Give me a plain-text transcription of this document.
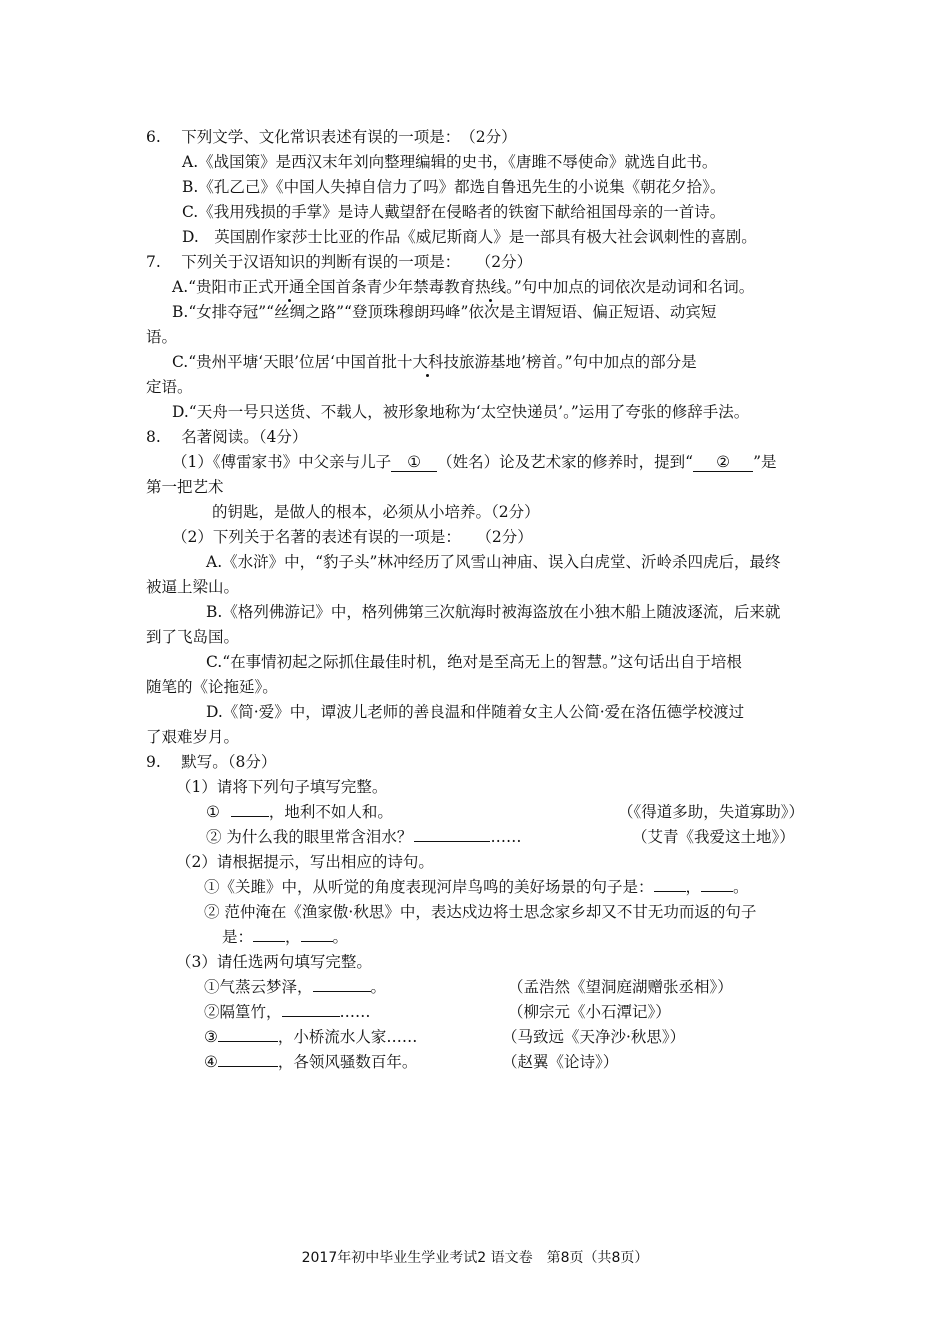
6.　 下列文学、文化常识表述有误的一项是：　（2分）
A.《战国策》是西汉末年刘向整理编辑的史书，《唐雎不辱使命》就选自此书。
B.《孔乙己》《中国人失掉自信力了吗》都选自鲁迅先生的小说集《朝花夕拾》。
C.《我用残损的手掌》是诗人戴望舒在侵略者的铁窗下献给祖国母亲的一首诗。
D.　英国剧作家莎士比亚的作品《威尼斯商人》是一部具有极大社会讽刺性的喜剧。
7.　 下列关于汉语知识的判断有误的一项是：　　（2分）
A.“贵阳市正式开通全国首条青少年禁毒教育热线。”句中加点的词依次是动词和名词。
B.“女排夺冠”“丝绸之路”“登顶珠穆朗玛峰”依次是主谓短语、偏正短语、动宾短
语。
C.“贵州平塘‘天眼’位居‘中国首批十大科技旅游基地’榜首。”句中加点的部分是
定语。
D.“天舟一号只送货、不载人，被形象地称为‘太空快递员’。”运用了夸张的修辞手法。
8.　 名著阅读。（4分）
（1）《傅雷家书》中父亲与儿子 ① （姓名）论及艺术家的修养时，提到“ ② ”是
第一把艺术
的钥匙，是做人的根本，必须从小培养。（2分）
（2）下列关于名著的表述有误的一项是：　　（2分）
A.《水浒》中，“豹子头”林冲经历了风雪山神庙、误入白虎堂、沂岭杀四虎后，最终
被逼上梁山。
B.《格列佛游记》中，格列佛第三次航海时被海盗放在小独木船上随波逐流，后来就
到了飞岛国。
C.“在事情初起之际抓住最佳时机，绝对是至高无上的智慧。”这句话出自于培根
随笔的《论拖延》。
D.《简·爱》中，谭波儿老师的善良温和伴随着女主人公简·爱在洛伍德学校渡过
了艰难岁月。
9.　 默写。（8分）
（1）请将下列句子填写完整。
①	，地利不如人和。	（《得道多助，失道寡助》）
② 为什么我的眼里常含泪水？	……	（艾青《我爱这土地》）
（2）请根据提示，写出相应的诗句。
①《关雎》中，从听觉的角度表现河岸鸟鸣的美好场景的句子是： ， 。
② 范仲淹在《渔家傲·秋思》中，表达戍边将士思念家乡却又不甘无功而返的句子
是： ， 。
（3）请任选两句填写完整。
①气蒸云梦泽，	。	（孟浩然《望洞庭湖赠张丞相》）
②隔篁竹，	……	（柳宗元《小石潭记》）
③	，小桥流水人家……	（马致远《天净沙·秋思》）
④	，各领风骚数百年。	（赵翼《论诗》）
2017年初中毕业生学业考试2 语文卷　第8页（共8页）
